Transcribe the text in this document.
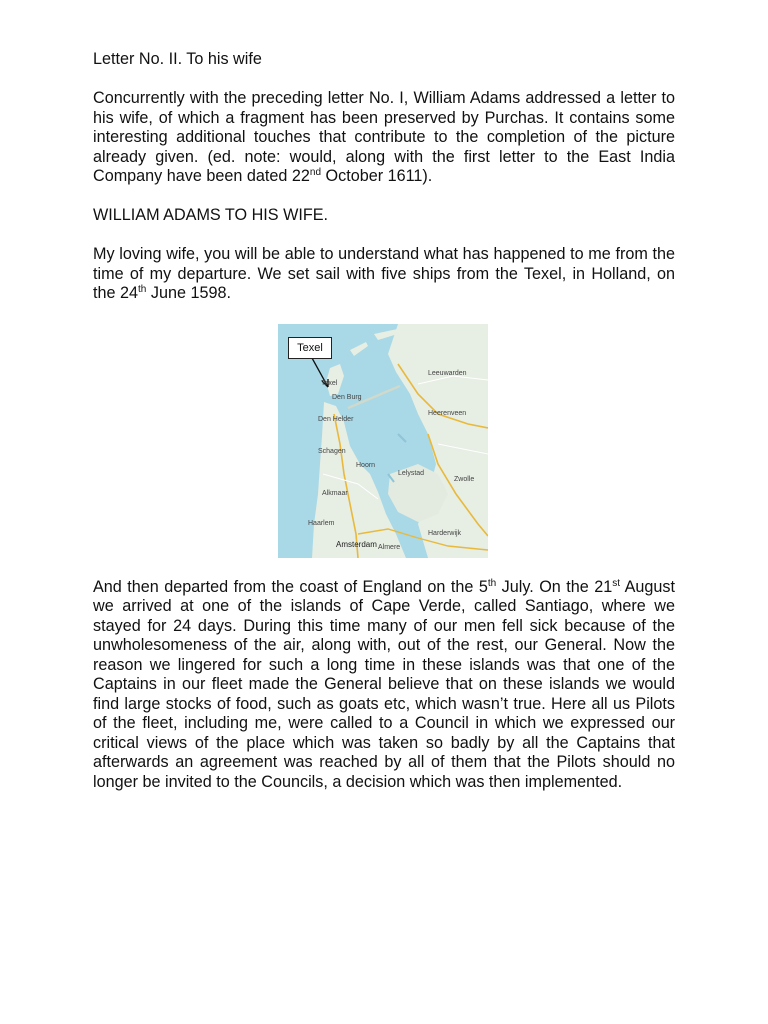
Letter No. II. To his wife

Concurrently with the preceding letter No. I, William Adams addressed a letter to his wife, of which a fragment has been preserved by Purchas. It contains some interesting additional touches that contribute to the completion of the picture already given. (ed. note: would, along with the first letter to the East India Company have been dated 22nd October 1611).

WILLIAM ADAMS TO HIS WIFE.

My loving wife, you will be able to understand what has happened to me from the time of my departure. We set sail with five ships from the Texel, in Holland, on the 24th June 1598.

Texel
Den Burg
Texel
Den Helder
Schagen
Alkmaar
Hoorn
Lelystad
Leeuwarden
Heerenveen
Haarlem
Amsterdam Almere
Zwolle
Harderwijk

And then departed from the coast of England on the 5th July. On the 21st August we arrived at one of the islands of Cape Verde, called Santiago, where we stayed for 24 days. During this time many of our men fell sick because of the unwholesomeness of the air, along with, out of the rest, our General. Now the reason we lingered for such a long time in these islands was that one of the Captains in our fleet made the General believe that on these islands we would find large stocks of food, such as goats etc, which wasn’t true. Here all us Pilots of the fleet, including me, were called to a Council in which we expressed our critical views of the place which was taken so badly by all the Captains that afterwards an agreement was reached by all of them that the Pilots should no longer be invited to the Councils, a decision which was then implemented.
